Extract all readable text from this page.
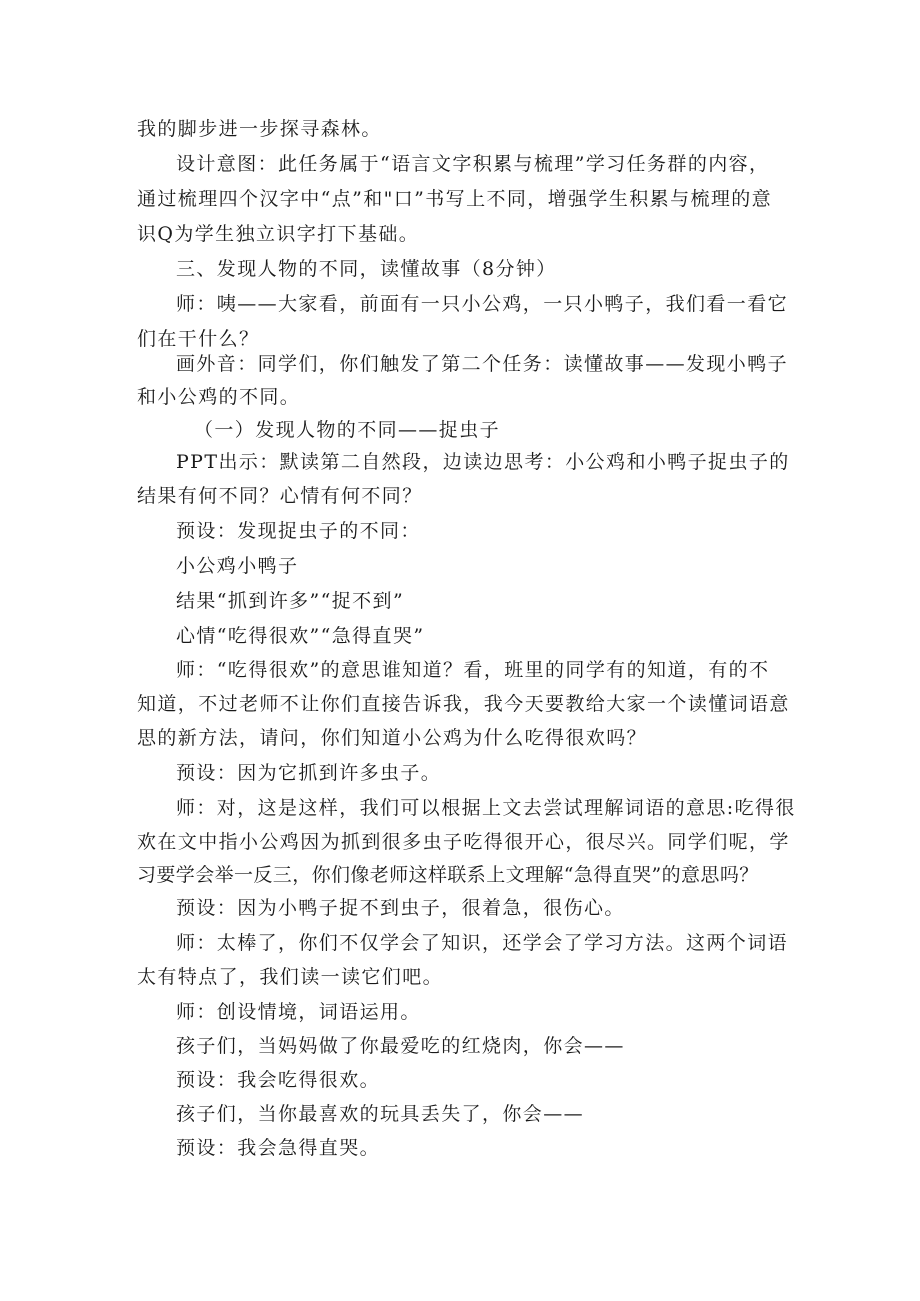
我的脚步进一步探寻森林。
设计意图：此任务属于“语言文字积累与梳理”学习任务群的内容，
通过梳理四个汉字中“点”和"口”书写上不同，增强学生积累与梳理的意
识Q为学生独立识字打下基础。
三、发现人物的不同，读懂故事（8分钟）
师：咦——大家看，前面有一只小公鸡，一只小鸭子，我们看一看它
们在干什么？
画外音：同学们，你们触发了第二个任务：读懂故事——发现小鸭子
和小公鸡的不同。
（一）发现人物的不同——捉虫子
PPT出示：默读第二自然段，边读边思考：小公鸡和小鸭子捉虫子的
结果有何不同？心情有何不同？
预设：发现捉虫子的不同：
小公鸡小鸭子
结果“抓到许多”“捉不到”
心情“吃得很欢”“急得直哭”
师：“吃得很欢”的意思谁知道？看，班里的同学有的知道，有的不
知道，不过老师不让你们直接告诉我，我今天要教给大家一个读懂词语意
思的新方法，请问，你们知道小公鸡为什么吃得很欢吗？
预设：因为它抓到许多虫子。
师：对，这是这样，我们可以根据上文去尝试理解词语的意思:吃得很
欢在文中指小公鸡因为抓到很多虫子吃得很开心，很尽兴。同学们呢，学
习要学会举一反三，你们像老师这样联系上文理解“急得直哭”的意思吗？
预设：因为小鸭子捉不到虫子，很着急，很伤心。
师：太棒了，你们不仅学会了知识，还学会了学习方法。这两个词语
太有特点了，我们读一读它们吧。
师：创设情境，词语运用。
孩子们，当妈妈做了你最爱吃的红烧肉，你会——
预设：我会吃得很欢。
孩子们，当你最喜欢的玩具丢失了，你会——
预设：我会急得直哭。
